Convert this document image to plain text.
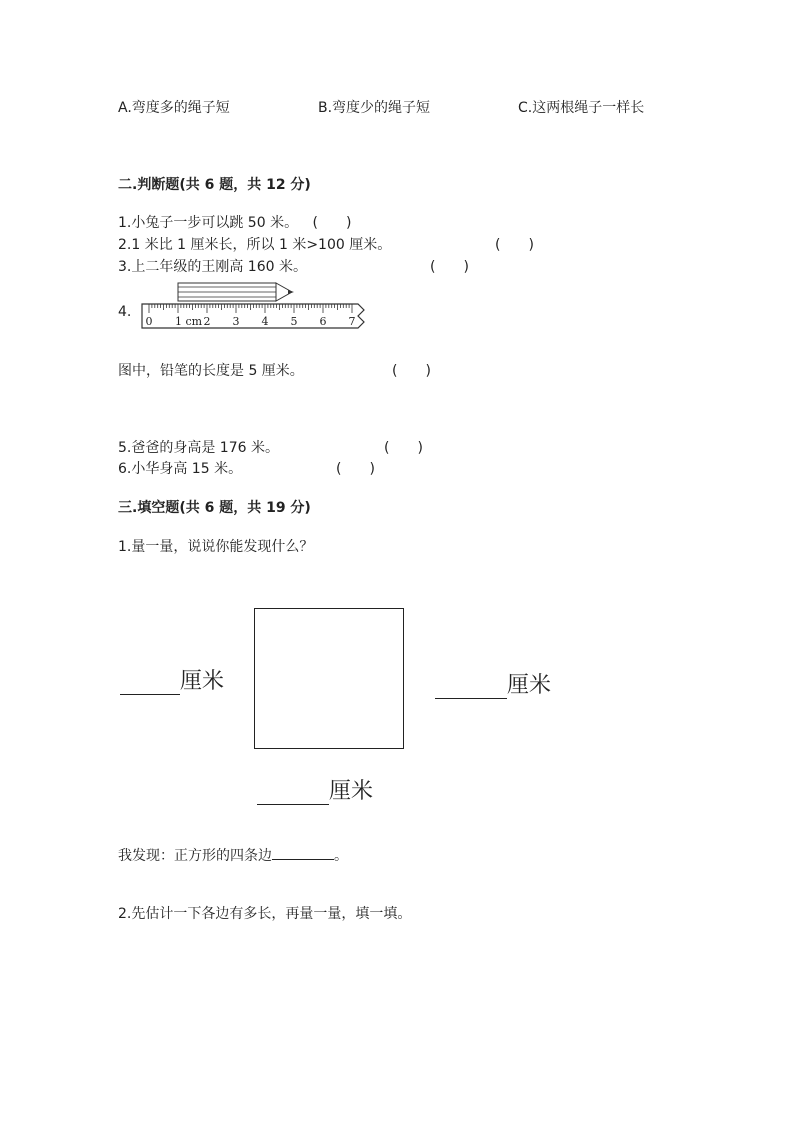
A.弯度多的绳子短	B.弯度少的绳子短	C.这两根绳子一样长
二.判断题(共 6 题，共 12 分)
1.小兔子一步可以跳 50 米。 (　　)
2.1 米比 1 厘米长，所以 1 米>100 厘米。	(　　)
3.上二年级的王刚高 160 米。	(　　)
4.
0 1 cm 2 3 4 5 6 7
图中，铅笔的长度是 5 厘米。	(　　)
5.爸爸的身高是 176 米。	(　　)
6.小华身高 15 米。	(　　)
三.填空题(共 6 题，共 19 分)
1.量一量，说说你能发现什么？
厘米	厘米
厘米
我发现：正方形的四条边	。
2.先估计一下各边有多长，再量一量，填一填。
